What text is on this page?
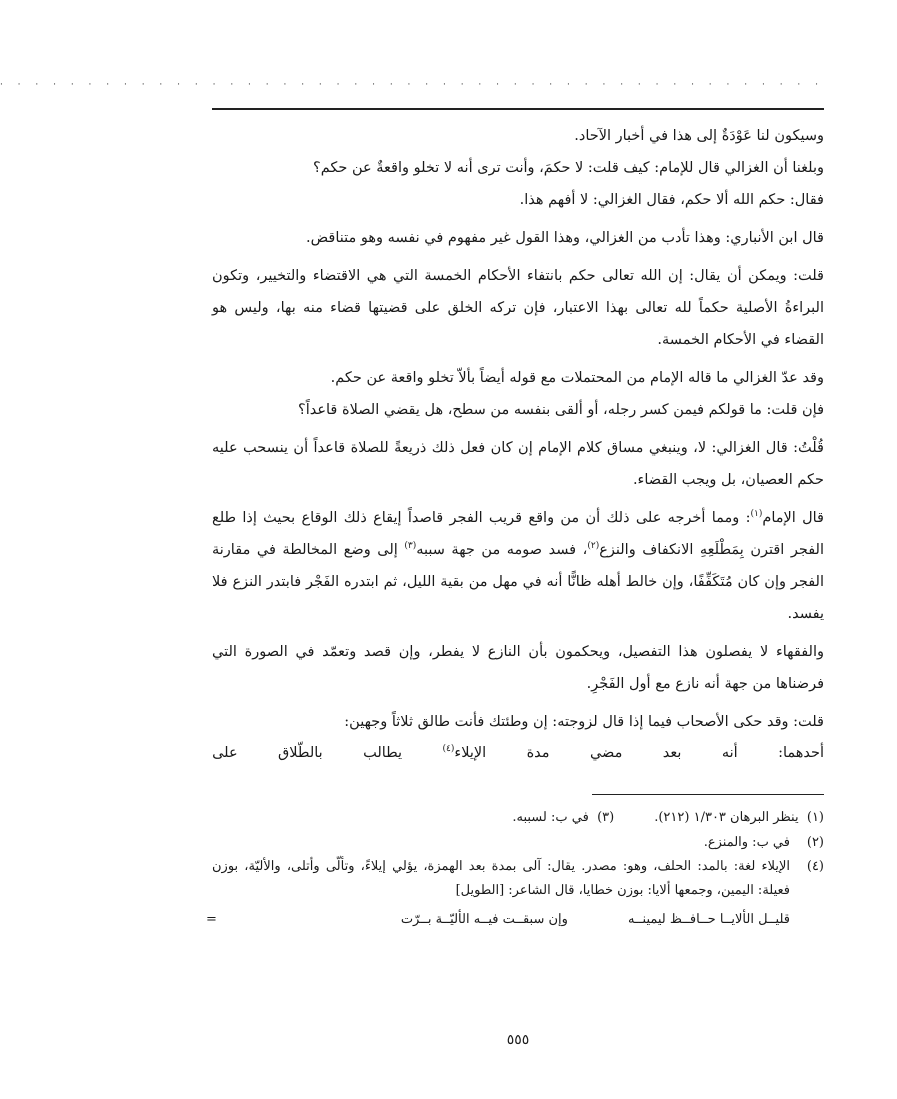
· · · · · · · · · · · · · · · · · · · · · · · · · · · · · · · · · · · · · · · · · · · · · · ·

وسيكون لنا عَوْدَةٌ إلى هذا في أخبار الآحاد.

وبلغنا أن الغزالي قال للإمام: كيف قلت: لا حكمَ، وأنت ترى أنه لا تخلو واقعةٌ عن حكم؟

فقال: حكم الله ألا حكم، فقال الغزالي: لا أفهم هذا.

قال ابن الأنباري: وهذا تأدب من الغزالي، وهذا القول غير مفهوم في نفسه وهو متناقض.

قلت: ويمكن أن يقال: إن الله تعالى حكم بانتفاء الأحكام الخمسة التي هي الاقتضاء والتخيير، وتكون البراءةُ الأصلية حكماً لله تعالى بهذا الاعتبار، فإن تركه الخلق على قضيتها قضاء منه بها، وليس هو القضاء في الأحكام الخمسة.

وقد عدّ الغزالي ما قاله الإمام من المحتملات مع قوله أيضاً بألاّ تخلو واقعة عن حكم.

فإن قلت: ما قولكم فيمن كسر رجله، أو ألقى بنفسه من سطح، هل يقضي الصلاة قاعداً؟

قُلْتُ: قال الغزالي: لا، وينبغي مساق كلام الإمام إن كان فعل ذلك ذريعةً للصلاة قاعداً أن ينسحب عليه حكم العصيان، بل ويجب القضاء.

قال الإمام$^{(١)}$: ومما أخرجه على ذلك أن من واقع قريب الفجر قاصداً إيقاع ذلك الوقاع بحيث إذا طلع الفجر اقترن بِمَطْلَعِهِ الانكفاف والنزع$^{(٢)}$، فسد صومه من جهة سببه$^{(٣)}$ إلى وضع المخالطة في مقارنة الفجر وإن كان مُتَكَفِّفًا، وإن خالط أهله ظانًّا أنه في مهل من بقية الليل، ثم ابتدره الفَجْر فابتدر النزع فلا يفسد.

والفقهاء لا يفصلون هذا التفصيل، ويحكمون بأن النازع لا يفطر، وإن قصد وتعمّد في الصورة التي فرضناها من جهة أنه نازع مع أول الفَجْرِ.

قلت: وقد حكى الأصحاب فيما إذا قال لزوجته: إن وطئتك فأنت طالق ثلاثاً وجهين:

أحدهما:
أنه
بعد
مضي
مدة
الإيلاء$^{(٤)}$
يطالب
بالطّلاق
على
(١)  ينظر البرهان ١/٣٠٣ (٢١٢).
(٣)  في ب: لسببه.

(٢)
في ب: والمنزع.

(٤)
الإيلاء لغة: بالمد: الحلف، وهو: مصدر. يقال: آلى بمدة بعد الهمزة، يؤلي إيلاءً، وتألّى وأتلى، والأليّة، بوزن فعيلة: اليمين، وجمعها ألايا: بوزن خطايا، قال الشاعر: [الطويل]

قليــل الألايــا حــافــظ ليمينــه
وإن سبقــت فيــه الأليّــة بــرّت
=
٥٥٥
